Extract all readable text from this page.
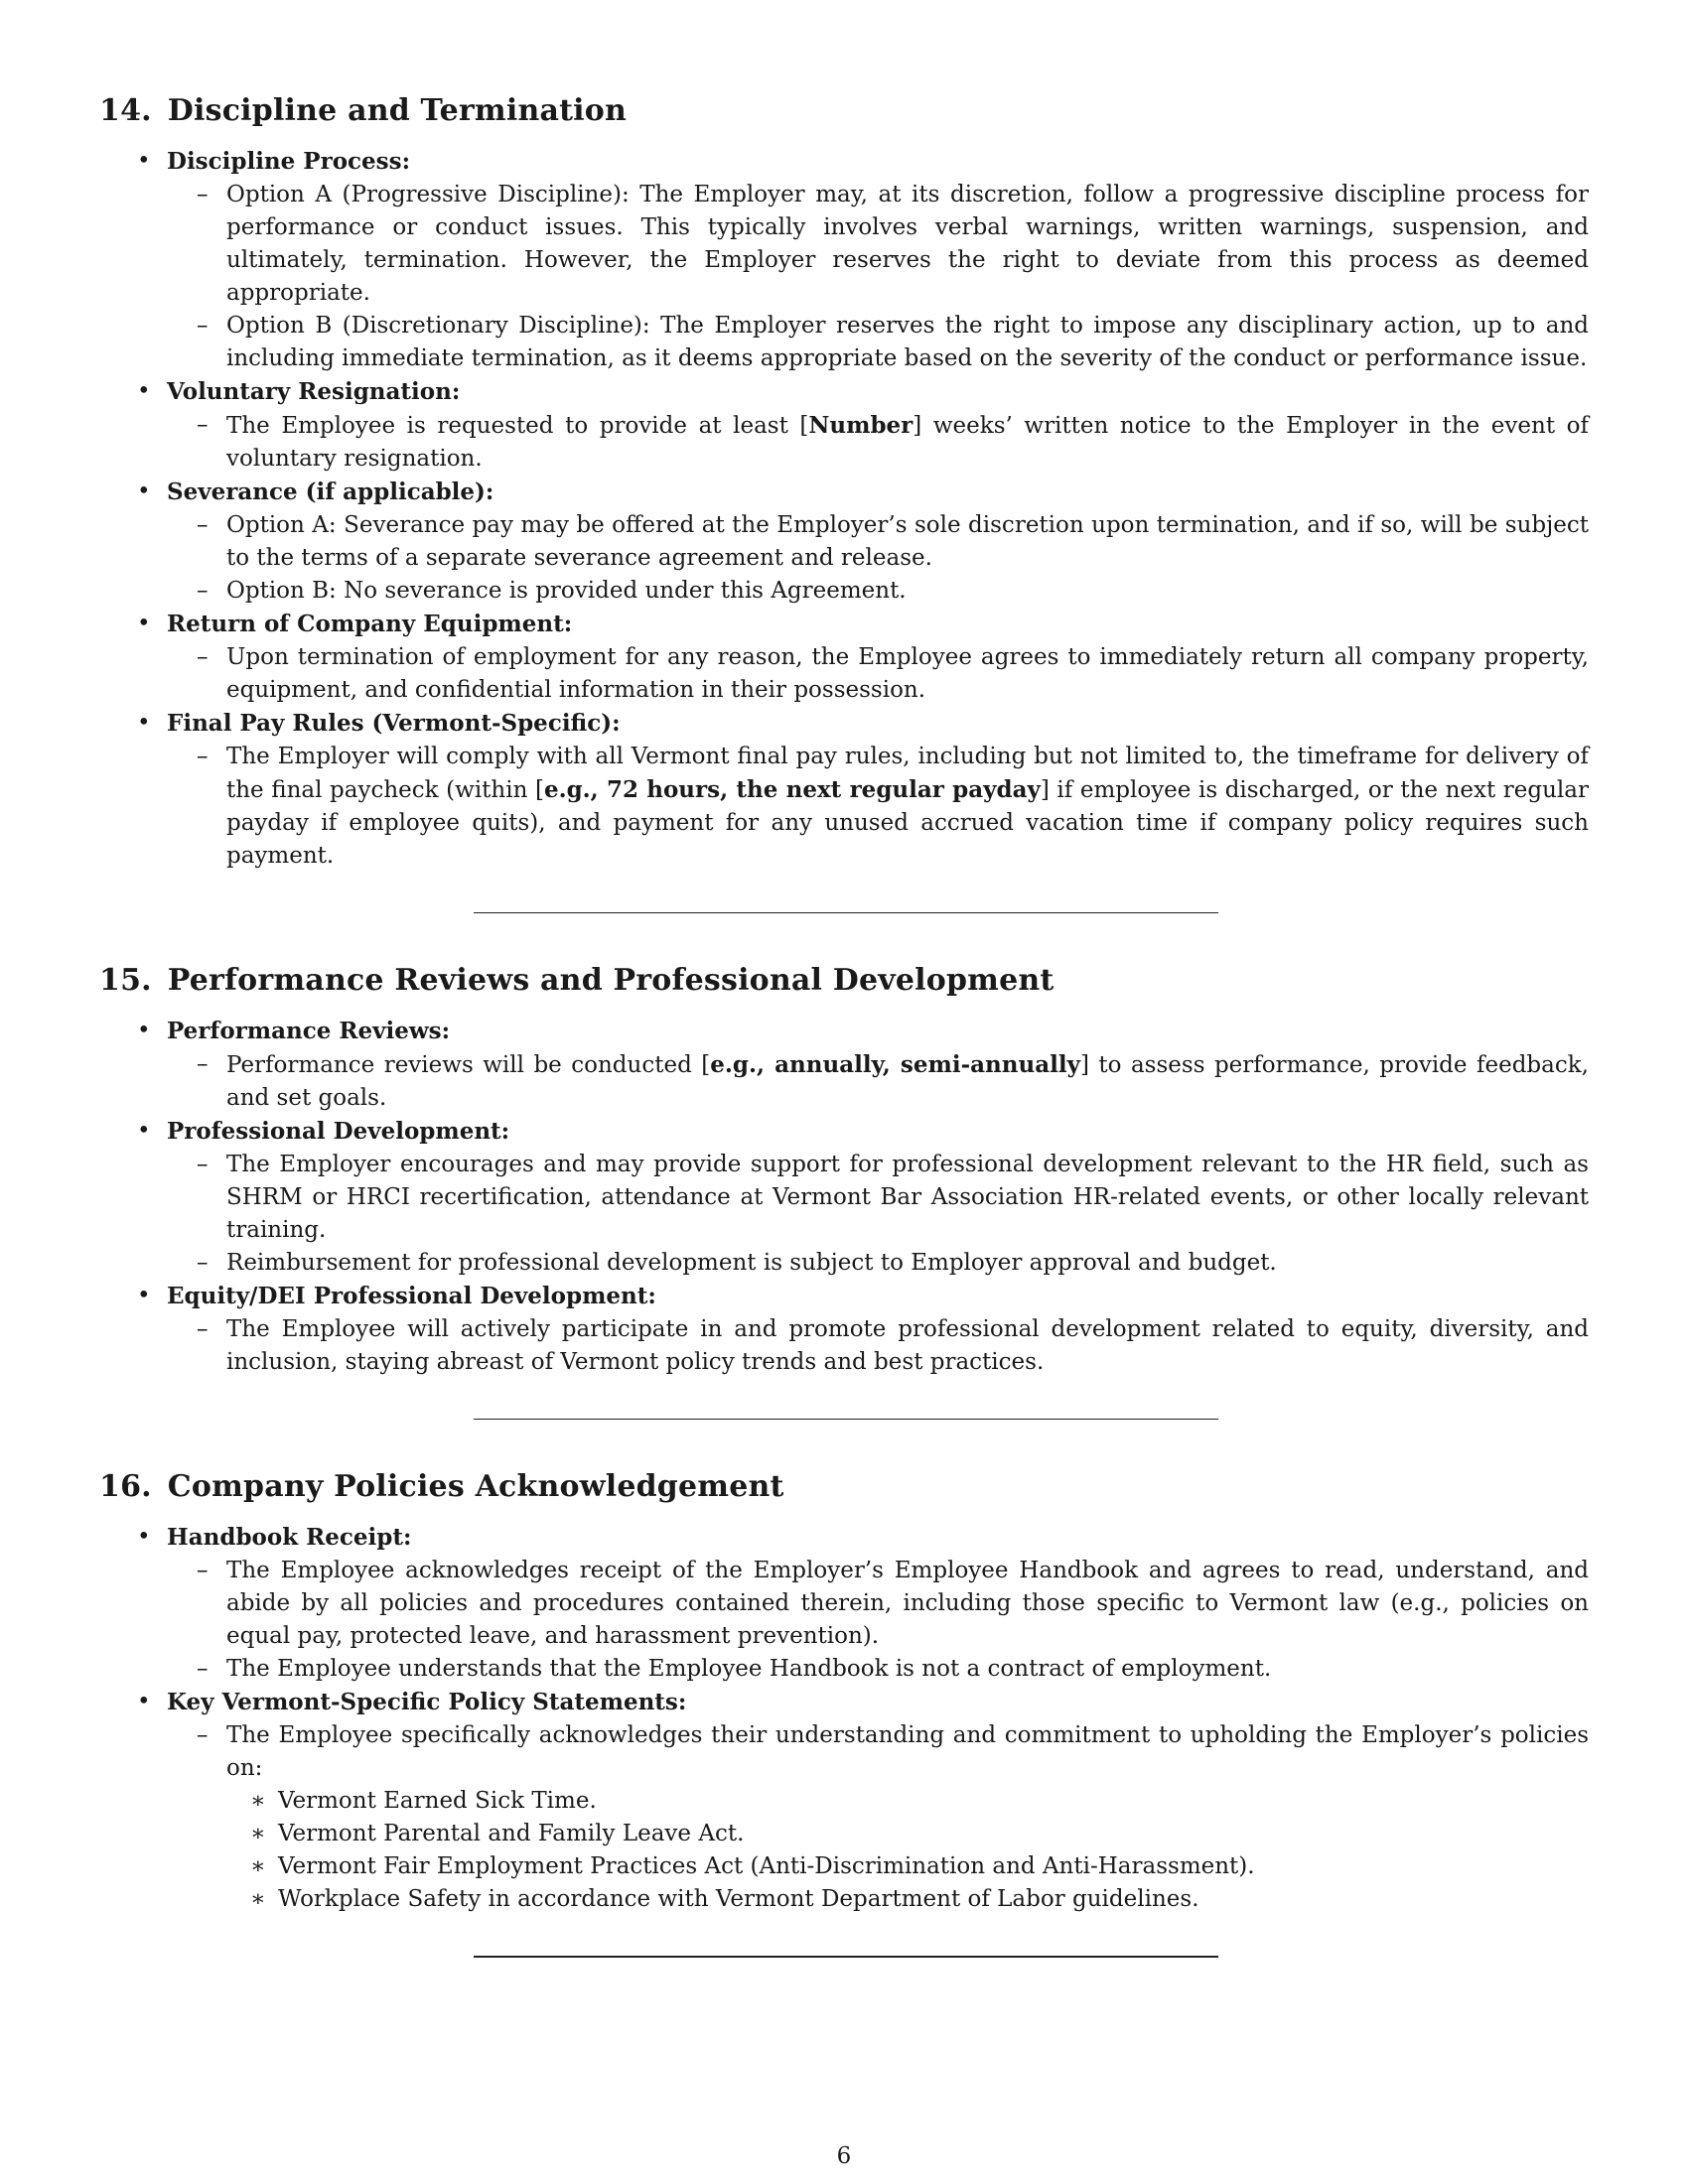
14. Discipline and Termination
• Discipline Process:
– Option A (Progressive Discipline): The Employer may, at its discretion, follow a progressive discipline process for performance or conduct issues. This typically involves verbal warnings, written warnings, suspension, and ultimately, termination. However, the Employer reserves the right to deviate from this process as deemed appropriate.
– Option B (Discretionary Discipline): The Employer reserves the right to impose any disciplinary action, up to and including immediate termination, as it deems appropriate based on the severity of the conduct or performance issue.
• Voluntary Resignation:
– The Employee is requested to provide at least [Number] weeks’ written notice to the Employer in the event of voluntary resignation.
• Severance (if applicable):
– Option A: Severance pay may be offered at the Employer’s sole discretion upon termination, and if so, will be subject to the terms of a separate severance agreement and release.
– Option B: No severance is provided under this Agreement.
• Return of Company Equipment:
– Upon termination of employment for any reason, the Employee agrees to immediately return all company property, equipment, and confidential information in their possession.
• Final Pay Rules (Vermont-Specific):
– The Employer will comply with all Vermont final pay rules, including but not limited to, the timeframe for delivery of the final paycheck (within [e.g., 72 hours, the next regular payday] if employee is discharged, or the next regular payday if employee quits), and payment for any unused accrued vacation time if company policy requires such payment.
15. Performance Reviews and Professional Development
• Performance Reviews:
– Performance reviews will be conducted [e.g., annually, semi-annually] to assess performance, provide feedback, and set goals.
• Professional Development:
– The Employer encourages and may provide support for professional development relevant to the HR field, such as SHRM or HRCI recertification, attendance at Vermont Bar Association HR-related events, or other locally relevant training.
– Reimbursement for professional development is subject to Employer approval and budget.
• Equity/DEI Professional Development:
– The Employee will actively participate in and promote professional development related to equity, diversity, and inclusion, staying abreast of Vermont policy trends and best practices.
16. Company Policies Acknowledgement
• Handbook Receipt:
– The Employee acknowledges receipt of the Employer’s Employee Handbook and agrees to read, understand, and abide by all policies and procedures contained therein, including those specific to Vermont law (e.g., policies on equal pay, protected leave, and harassment prevention).
– The Employee understands that the Employee Handbook is not a contract of employment.
• Key Vermont-Specific Policy Statements:
– The Employee specifically acknowledges their understanding and commitment to upholding the Employer’s policies on:
∗ Vermont Earned Sick Time.
∗ Vermont Parental and Family Leave Act.
∗ Vermont Fair Employment Practices Act (Anti-Discrimination and Anti-Harassment).
∗ Workplace Safety in accordance with Vermont Department of Labor guidelines.
6
